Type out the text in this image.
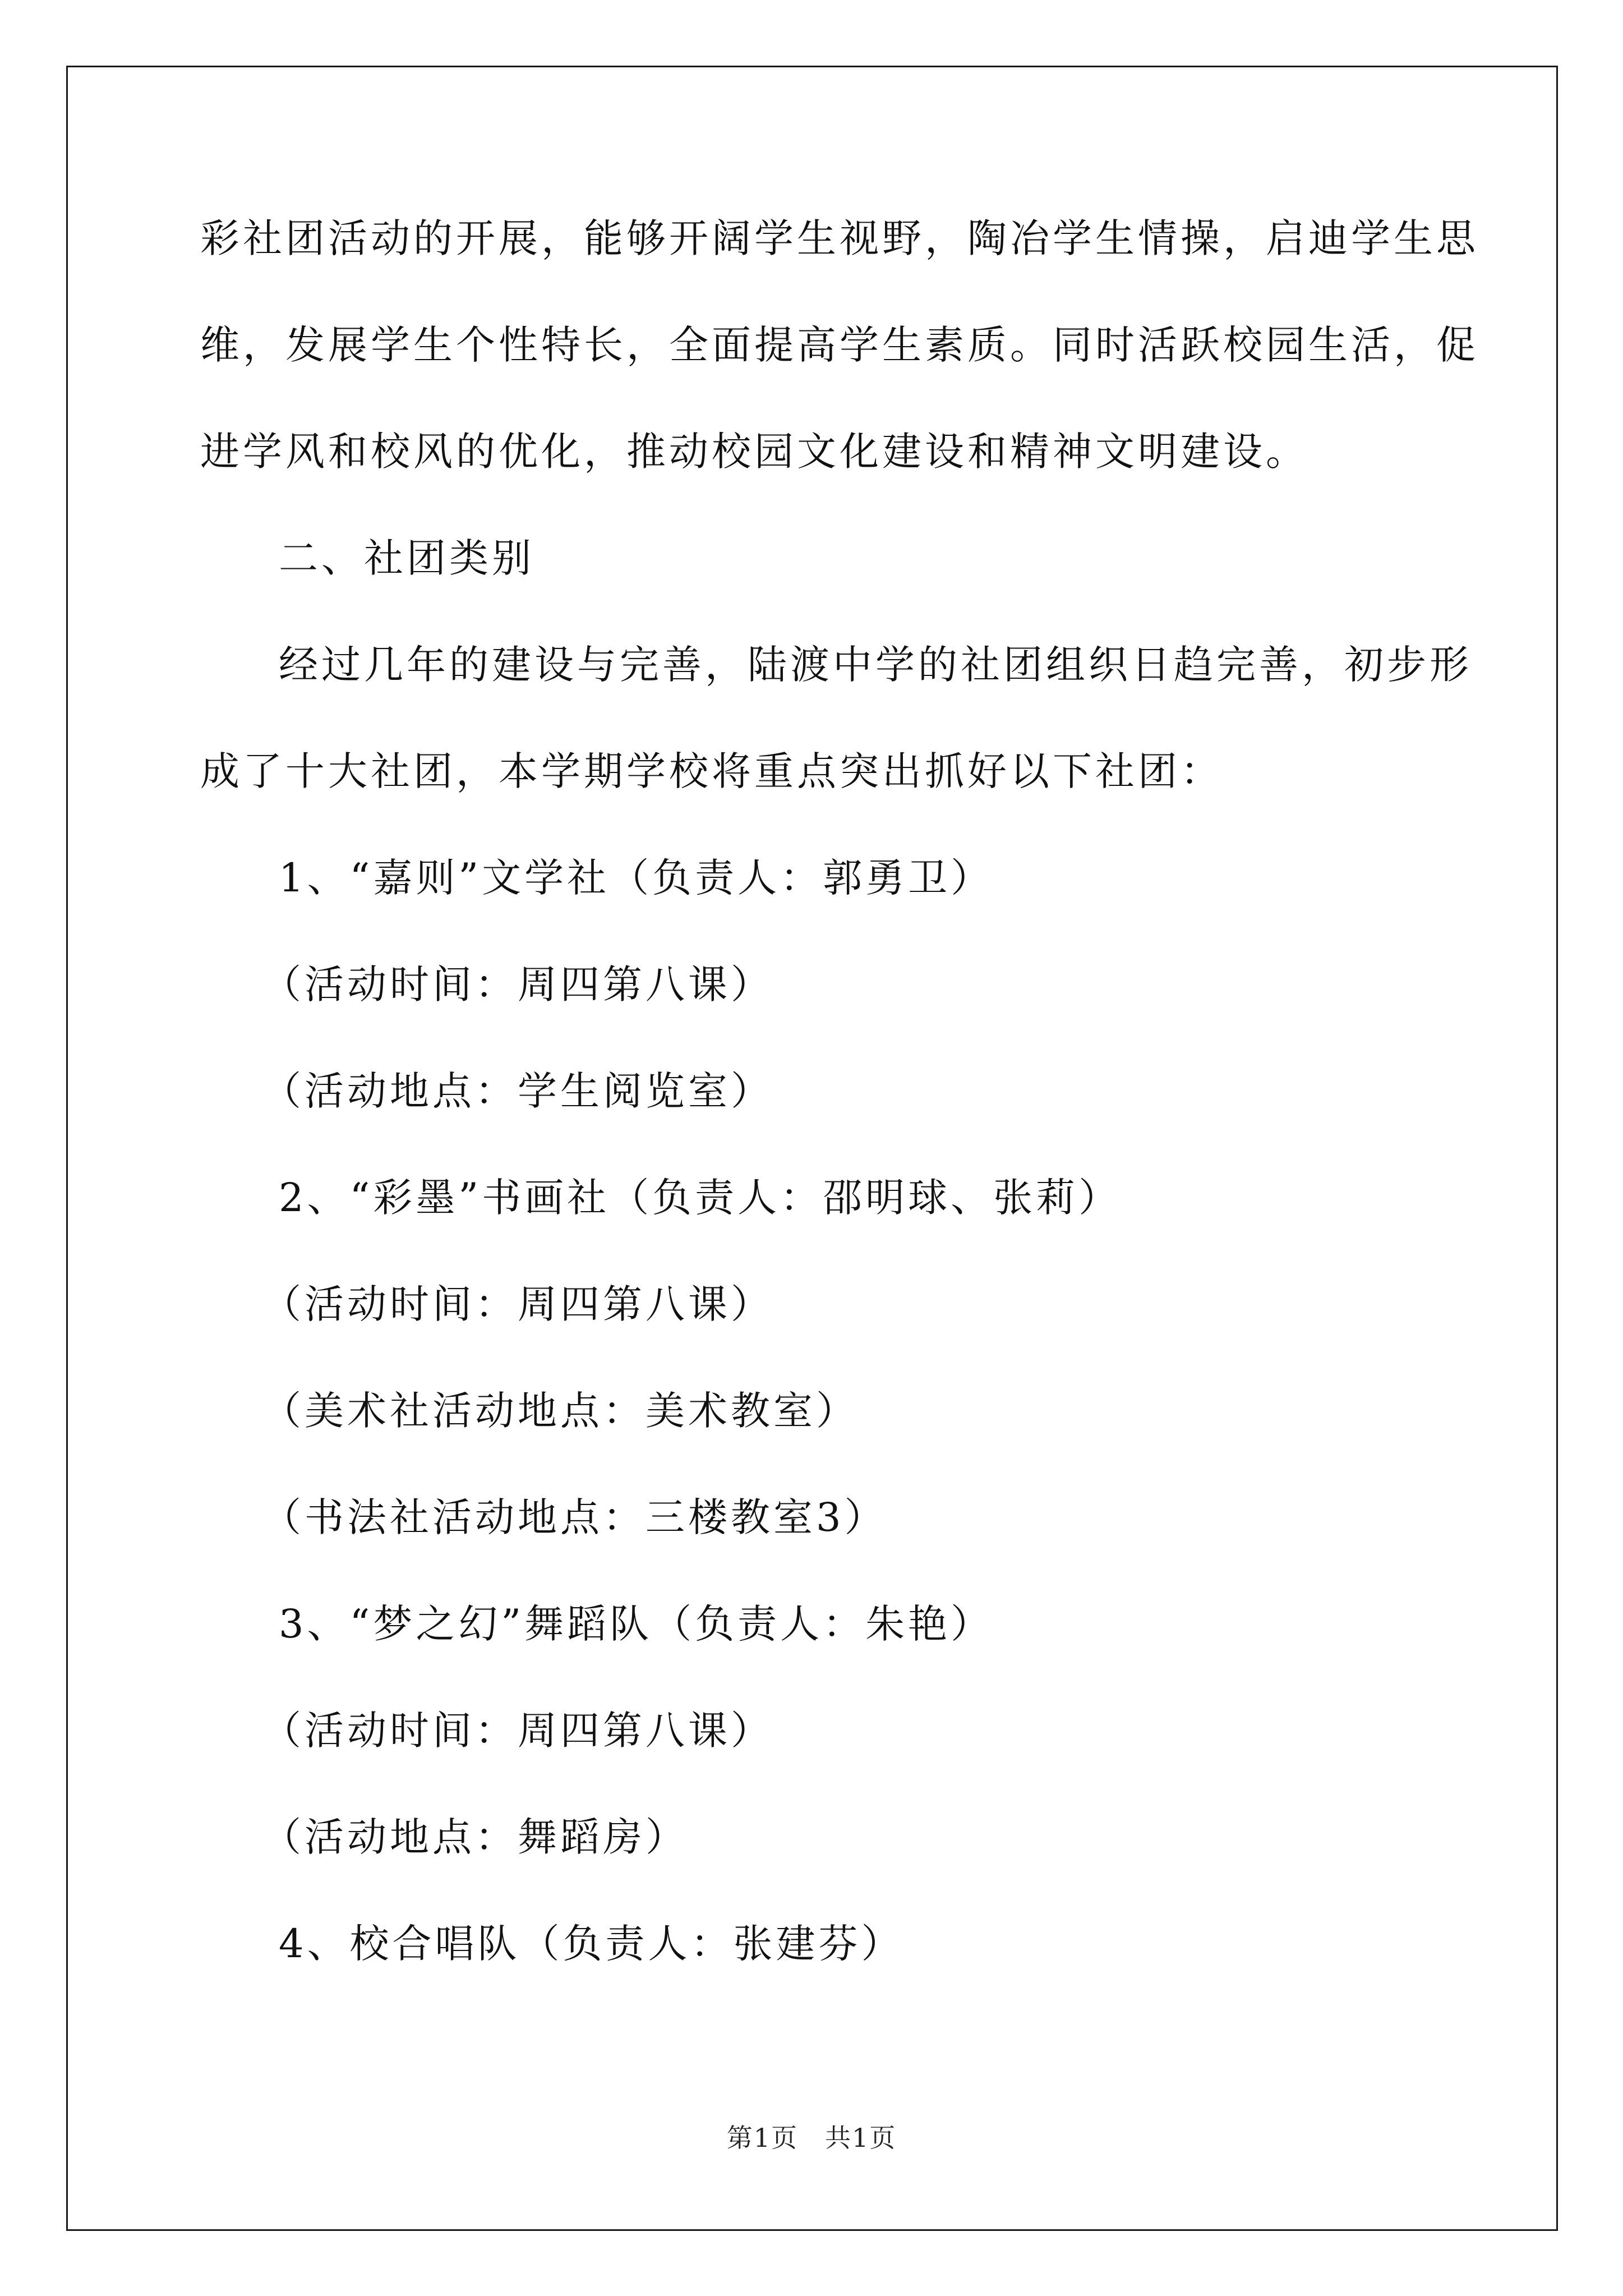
彩社团活动的开展，能够开阔学生视野，陶冶学生情操，启迪学生思
维，发展学生个性特长，全面提高学生素质。同时活跃校园生活，促
进学风和校风的优化，推动校园文化建设和精神文明建设。
二、社团类别
经过几年的建设与完善，陆渡中学的社团组织日趋完善，初步形
成了十大社团，本学期学校将重点突出抓好以下社团：
1、“嘉则”文学社（负责人：郭勇卫）
（活动时间：周四第八课）
（活动地点：学生阅览室）
2、“彩墨”书画社（负责人：邵明球、张莉）
（活动时间：周四第八课）
（美术社活动地点：美术教室）
（书法社活动地点：三楼教室3）
3、“梦之幻”舞蹈队（负责人：朱艳）
（活动时间：周四第八课）
（活动地点：舞蹈房）
4、校合唱队（负责人：张建芬）
第1页　共1页
